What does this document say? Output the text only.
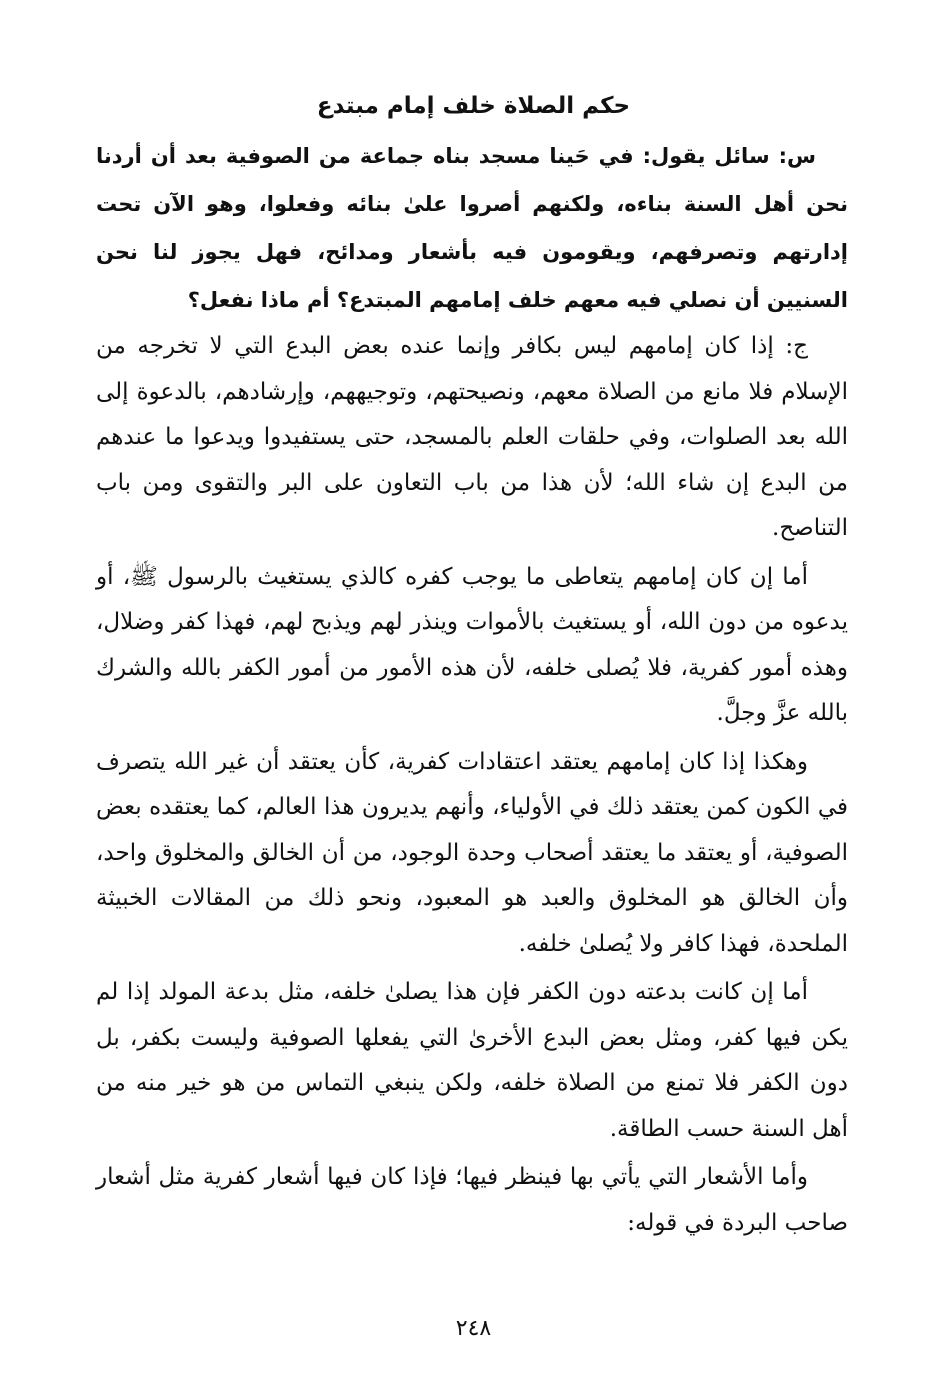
حكم الصلاة خلف إمام مبتدع

س: سائل يقول: في حَينا مسجد بناه جماعة من الصوفية بعد أن أردنا نحن أهل السنة بناءه، ولكنهم أصروا علىٰ بنائه وفعلوا، وهو الآن تحت إدارتهم وتصرفهم، ويقومون فيه بأشعار ومدائح، فهل يجوز لنا نحن السنيين أن نصلي فيه معهم خلف إمامهم المبتدع؟ أم ماذا نفعل؟

ج: إذا كان إمامهم ليس بكافر وإنما عنده بعض البدع التي لا تخرجه من الإسلام فلا مانع من الصلاة معهم، ونصيحتهم، وتوجيههم، وإرشادهم، بالدعوة إلى الله بعد الصلوات، وفي حلقات العلم بالمسجد، حتى يستفيدوا ويدعوا ما عندهم من البدع إن شاء الله؛ لأن هذا من باب التعاون على البر والتقوى ومن باب التناصح.

أما إن كان إمامهم يتعاطى ما يوجب كفره كالذي يستغيث بالرسول ﷺ، أو يدعوه من دون الله، أو يستغيث بالأموات وينذر لهم ويذبح لهم، فهذا كفر وضلال، وهذه أمور كفرية، فلا يُصلى خلفه، لأن هذه الأمور من أمور الكفر بالله والشرك بالله عزَّ وجلَّ.

وهكذا إذا كان إمامهم يعتقد اعتقادات كفرية، كأن يعتقد أن غير الله يتصرف في الكون كمن يعتقد ذلك في الأولياء، وأنهم يديرون هذا العالم، كما يعتقده بعض الصوفية، أو يعتقد ما يعتقد أصحاب وحدة الوجود، من أن الخالق والمخلوق واحد، وأن الخالق هو المخلوق والعبد هو المعبود، ونحو ذلك من المقالات الخبيثة الملحدة، فهذا كافر ولا يُصلىٰ خلفه.

أما إن كانت بدعته دون الكفر فإن هذا يصلىٰ خلفه، مثل بدعة المولد إذا لم يكن فيها كفر، ومثل بعض البدع الأخرىٰ التي يفعلها الصوفية وليست بكفر، بل دون الكفر فلا تمنع من الصلاة خلفه، ولكن ينبغي التماس من هو خير منه من أهل السنة حسب الطاقة.

وأما الأشعار التي يأتي بها فينظر فيها؛ فإذا كان فيها أشعار كفرية مثل أشعار صاحب البردة في قوله:

٢٤٨
